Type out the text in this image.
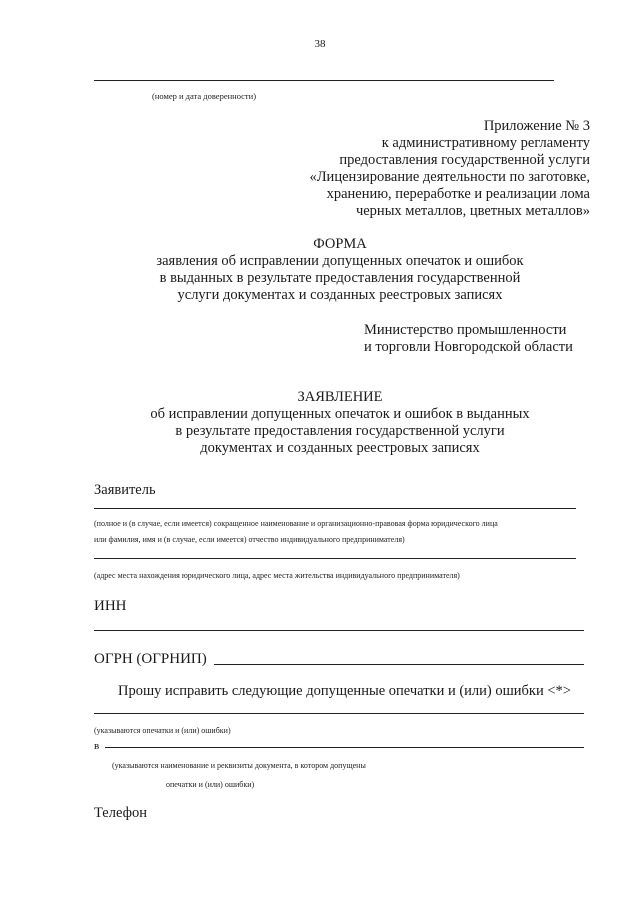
38
(номер и дата доверенности)
Приложение № 3
к административному регламенту
предоставления государственной услуги
«Лицензирование деятельности по заготовке,
хранению, переработке и реализации лома
черных металлов, цветных металлов»
ФОРМА
заявления об исправлении допущенных опечаток и ошибок
в выданных в результате предоставления государственной
услуги документах и созданных реестровых записях
Министерство промышленности
и торговли Новгородской области
ЗАЯВЛЕНИЕ
об исправлении допущенных опечаток и ошибок в выданных
в результате предоставления государственной услуги
документах и созданных реестровых записях
Заявитель
(полное и (в случае, если имеется) сокращенное наименование и организационно-правовая форма юридического лица
или фамилия, имя и (в случае, если имеется) отчество индивидуального предпринимателя)
(адрес места нахождения юридического лица, адрес места жительства индивидуального предпринимателя)
ИНН
ОГРН (ОГРНИП)
Прошу исправить следующие допущенные опечатки и (или) ошибки <*>
(указываются опечатки и (или) ошибки)
в
(указываются наименование и реквизиты документа, в котором допущены
опечатки и (или) ошибки)
Телефон
